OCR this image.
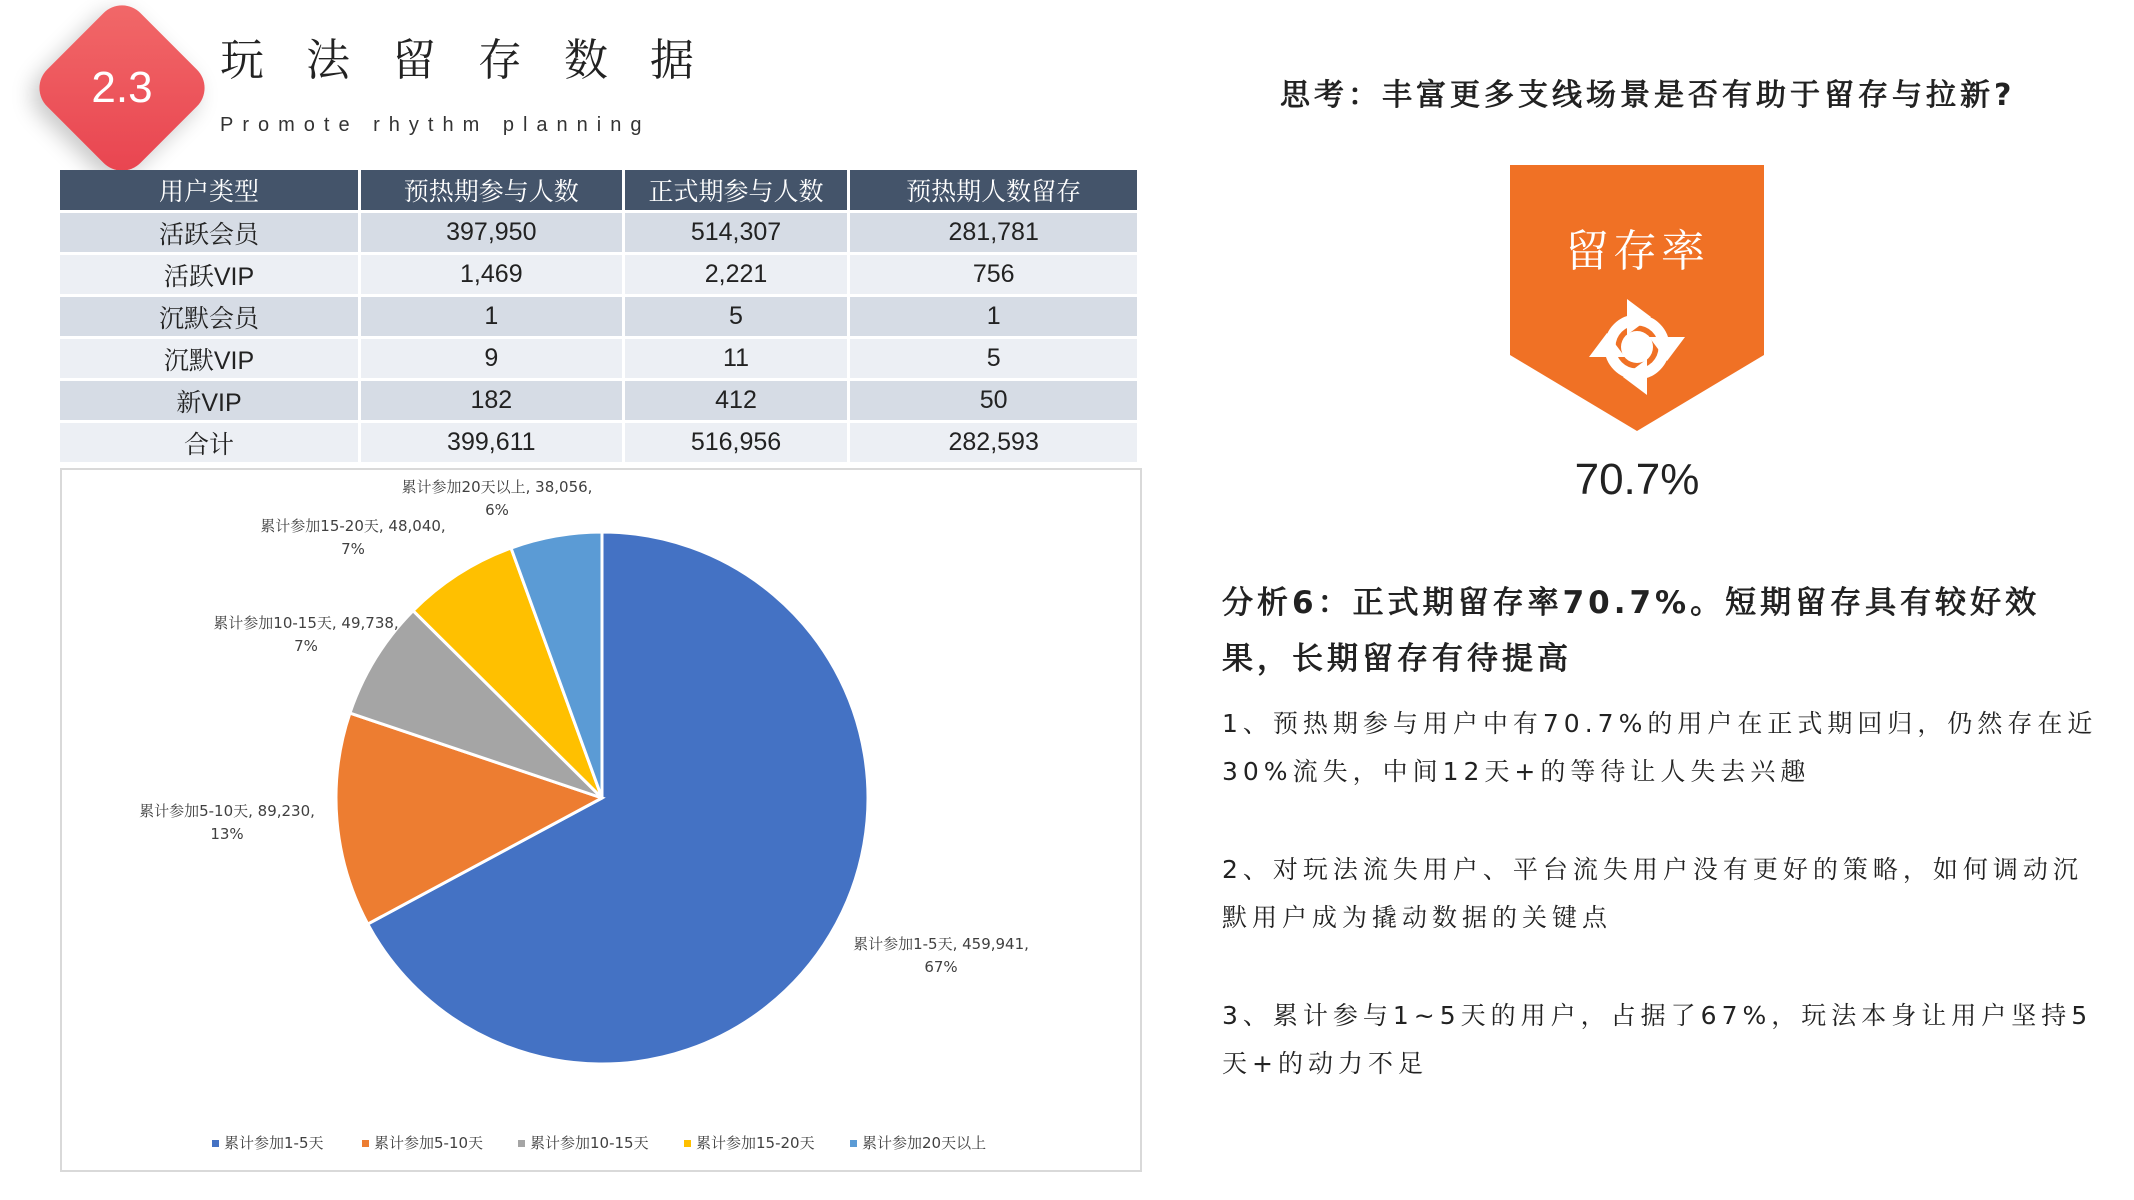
2.3
玩法留存数据
Promote rhythm planning
用户类型	预热期参与人数	正式期参与人数	预热期人数留存
活跃会员	397,950	514,307	281,781
活跃VIP	1,469	2,221	756
沉默会员	1	5	1
沉默VIP	9	11	5
新VIP	182	412	50
合计	399,611	516,956	282,593
累计参加1-5天, 459,941,
67%
累计参加5-10天, 89,230,
13%
累计参加10-15天, 49,738,
7%
累计参加15-20天, 48,040,
7%
累计参加20天以上, 38,056,
6%
累计参加1-5天	累计参加5-10天	累计参加10-15天	累计参加15-20天	累计参加20天以上
思考：丰富更多支线场景是否有助于留存与拉新?
留存率
70.7%
分析6：正式期留存率70.7%。短期留存具有较好效果，长期留存有待提高
1、预热期参与用户中有70.7%的用户在正式期回归，仍然存在近30%流失，中间12天+的等待让人失去兴趣
2、对玩法流失用户、平台流失用户没有更好的策略，如何调动沉默用户成为撬动数据的关键点
3、累计参与1~5天的用户，占据了67%，玩法本身让用户坚持5天+的动力不足
